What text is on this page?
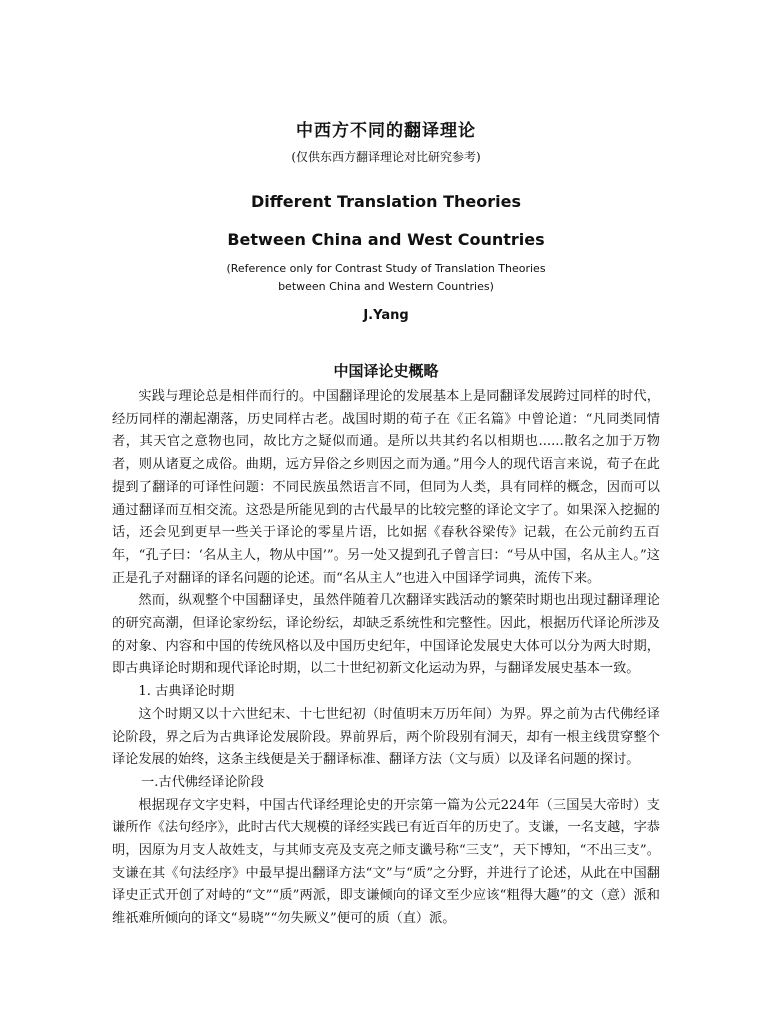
中西方不同的翻译理论
(仅供东西方翻译理论对比研究参考)
Different Translation Theories
Between China and West Countries
(Reference only for Contrast Study of Translation Theories
between China and Western Countries)
J.Yang
中国译论史概略

实践与理论总是相伴而行的。中国翻译理论的发展基本上是同翻译发展跨过同样的时代，经历同样的潮起潮落，历史同样古老。战国时期的荀子在《正名篇》中曾论道：“凡同类同情者，其天官之意物也同，故比方之疑似而通。是所以共其约名以相期也......散名之加于万物者，则从诸夏之成俗。曲期，远方异俗之乡则因之而为通。”用今人的现代语言来说，荀子在此提到了翻译的可译性问题：不同民族虽然语言不同，但同为人类，具有同样的概念，因而可以通过翻译而互相交流。这恐是所能见到的古代最早的比较完整的译论文字了。如果深入挖掘的话，还会见到更早一些关于译论的零星片语，比如据《春秋谷梁传》记载，在公元前约五百年，“孔子曰：‘名从主人，物从中国’”。另一处又提到孔子曾言曰：“号从中国，名从主人。”这正是孔子对翻译的译名问题的论述。而“名从主人”也进入中国译学词典，流传下来。

然而，纵观整个中国翻译史，虽然伴随着几次翻译实践活动的繁荣时期也出现过翻译理论的研究高潮，但译论家纷纭，译论纷纭，却缺乏系统性和完整性。因此，根据历代译论所涉及的对象、内容和中国的传统风格以及中国历史纪年，中国译论发展史大体可以分为两大时期，即古典译论时期和现代译论时期，以二十世纪初新文化运动为界，与翻译发展史基本一致。

1. 古典译论时期

这个时期又以十六世纪末、十七世纪初（时值明末万历年间）为界。界之前为古代佛经译论阶段，界之后为古典译论发展阶段。界前界后，两个阶段别有洞天，却有一根主线贯穿整个译论发展的始终，这条主线便是关于翻译标准、翻译方法（文与质）以及译名问题的探讨。

一.古代佛经译论阶段

根据现存文字史料，中国古代译经理论史的开宗第一篇为公元224年（三国吴大帝时）支谦所作《法句经序》，此时古代大规模的译经实践已有近百年的历史了。支谦，一名支越，字恭明，因原为月支人故姓支，与其师支亮及支亮之师支谶号称“三支”，天下博知，“不出三支”。支谦在其《句法经序》中最早提出翻译方法“文”与“质”之分野，并进行了论述，从此在中国翻译史正式开创了对峙的“文”“质”两派，即支谦倾向的译文至少应该“粗得大趣”的文（意）派和维祇难所倾向的译文“易晓”“勿失厥义”便可的质（直）派。
